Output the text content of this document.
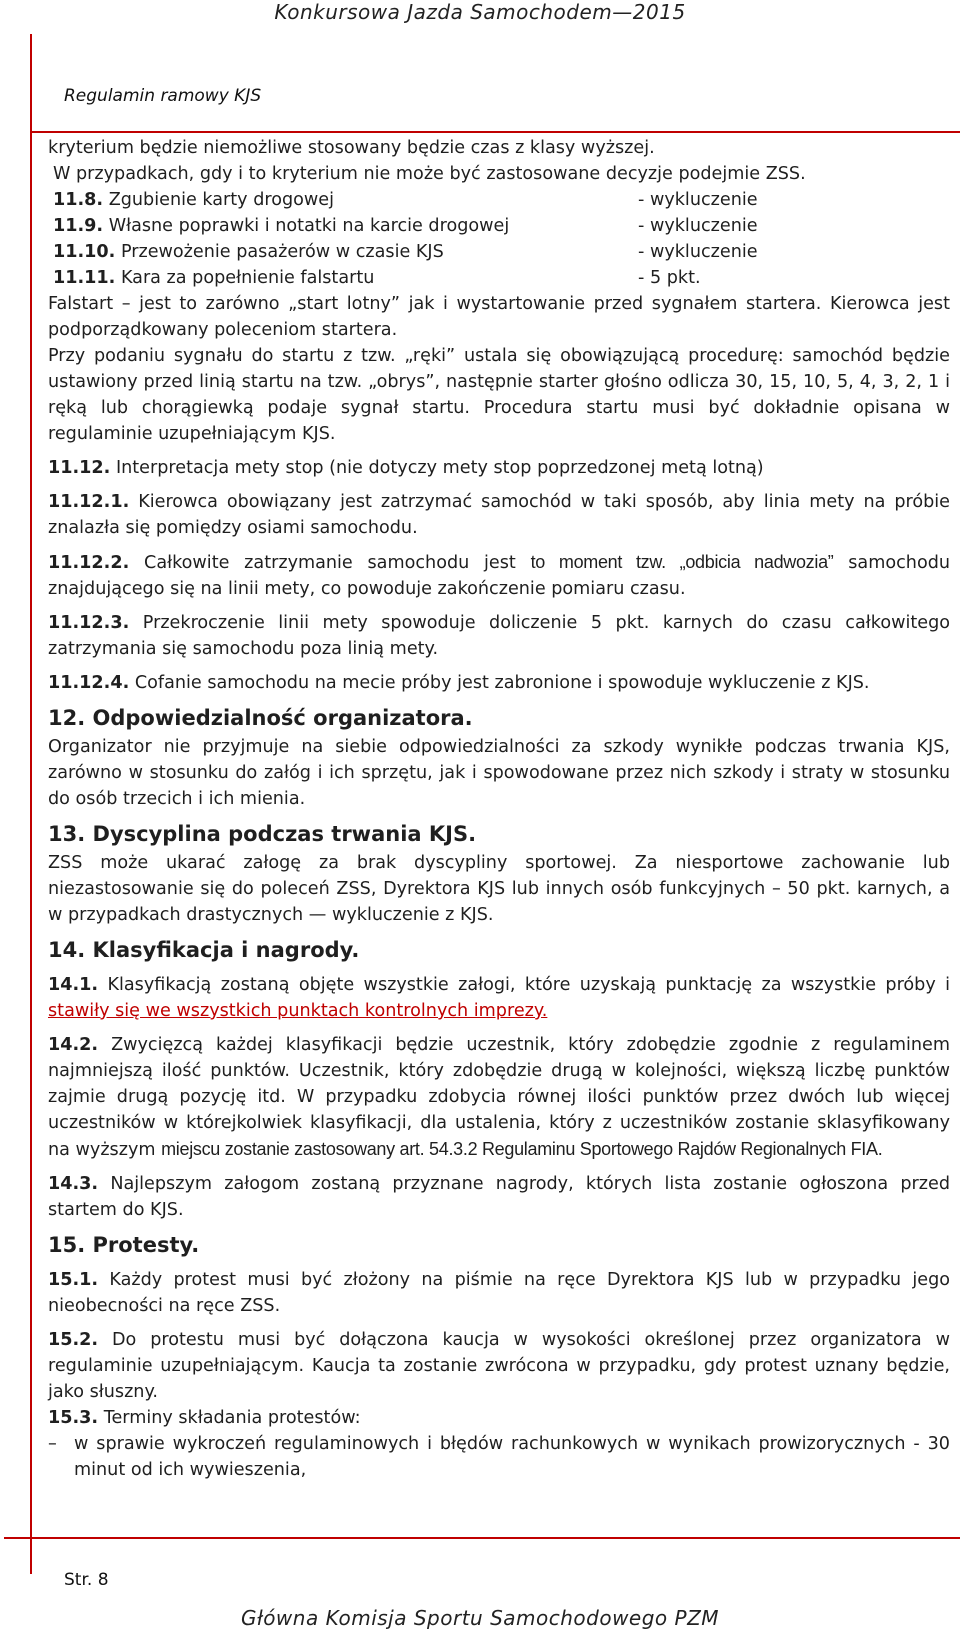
Konkursowa Jazda Samochodem—2015
Regulamin ramowy KJS

kryterium będzie niemożliwe stosowany będzie czas z klasy wyższej.

W przypadkach, gdy i to kryterium nie może być zastosowane decyzje podejmie ZSS.

11.8. Zgubienie karty drogowej	- wykluczenie
11.9. Własne poprawki i notatki na karcie drogowej	- wykluczenie
11.10. Przewożenie pasażerów w czasie KJS	- wykluczenie
11.11. Kara za popełnienie falstartu	- 5 pkt.

Falstart – jest to zarówno „start lotny” jak i wystartowanie przed sygnałem startera. Kierowca jest podporządkowany poleceniom startera.

Przy podaniu sygnału do startu z tzw. „ręki” ustala się obowiązującą procedurę: samochód będzie ustawiony przed linią startu na tzw. „obrys”, następnie starter głośno odlicza 30, 15, 10, 5, 4, 3, 2, 1 i ręką lub chorągiewką podaje sygnał startu. Procedura startu musi być dokładnie opisana w regulaminie uzupełniającym KJS.

11.12. Interpretacja mety stop (nie dotyczy mety stop poprzedzonej metą lotną)

11.12.1. Kierowca obowiązany jest zatrzymać samochód w taki sposób, aby linia mety na próbie znalazła się pomiędzy osiami samochodu.

11.12.2. Całkowite zatrzymanie samochodu jest to moment tzw. „odbicia nadwozia” samochodu znajdującego się na linii mety, co powoduje zakończenie pomiaru czasu.

11.12.3. Przekroczenie linii mety spowoduje doliczenie 5 pkt. karnych do czasu całkowitego zatrzymania się samochodu poza linią mety.

11.12.4. Cofanie samochodu na mecie próby jest zabronione i spowoduje wykluczenie z KJS.

12. Odpowiedzialność organizatora.

Organizator nie przyjmuje na siebie odpowiedzialności za szkody wynikłe podczas trwania KJS, zarówno w stosunku do załóg i ich sprzętu, jak i spowodowane przez nich szkody i straty w stosunku do osób trzecich i ich mienia.

13. Dyscyplina podczas trwania KJS.

ZSS może ukarać załogę za brak dyscypliny sportowej. Za niesportowe zachowanie lub niezastosowanie się do poleceń ZSS, Dyrektora KJS lub innych osób funkcyjnych – 50 pkt. karnych, a w przypadkach drastycznych — wykluczenie z KJS.

14. Klasyfikacja i nagrody.

14.1. Klasyfikacją zostaną objęte wszystkie załogi, które uzyskają punktację za wszystkie próby i stawiły się we wszystkich punktach kontrolnych imprezy.

14.2. Zwycięzcą każdej klasyfikacji będzie uczestnik, który zdobędzie zgodnie z regulaminem najmniejszą ilość punktów. Uczestnik, który zdobędzie drugą w kolejności, większą liczbę punktów zajmie drugą pozycję itd. W przypadku zdobycia równej ilości punktów przez dwóch lub więcej uczestników w którejkolwiek klasyfikacji, dla ustalenia, który z uczestników zostanie sklasyfikowany na wyższym miejscu zostanie zastosowany art. 54.3.2 Regulaminu Sportowego Rajdów Regionalnych FIA.

14.3. Najlepszym załogom zostaną przyznane nagrody, których lista zostanie ogłoszona przed startem do KJS.

15. Protesty.

15.1. Każdy protest musi być złożony na piśmie na ręce Dyrektora KJS lub w przypadku jego nieobecności na ręce ZSS.

15.2. Do protestu musi być dołączona kaucja w wysokości określonej przez organizatora w regulaminie uzupełniającym. Kaucja ta zostanie zwrócona w przypadku, gdy protest uznany będzie, jako słuszny.

15.3. Terminy składania protestów:

– w sprawie wykroczeń regulaminowych i błędów rachunkowych w wynikach prowizorycznych - 30 minut od ich wywieszenia,
Str. 8
Główna Komisja Sportu Samochodowego PZM
